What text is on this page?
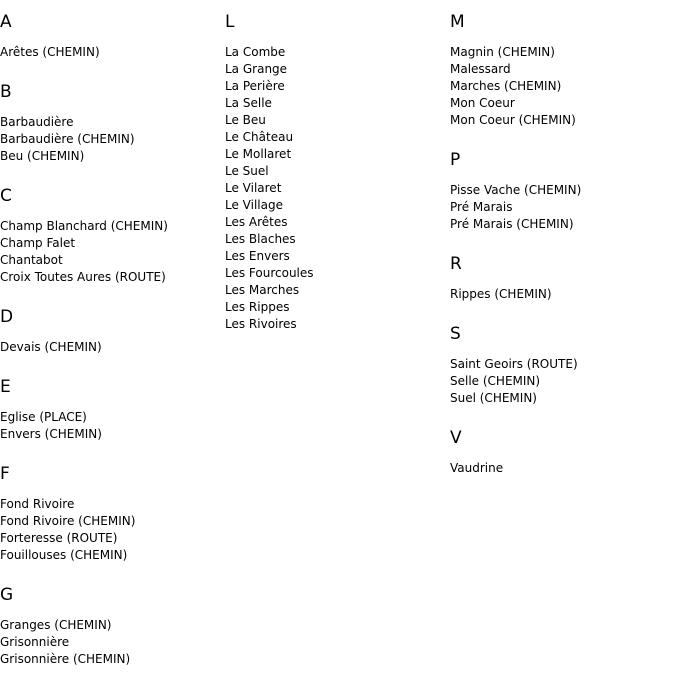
A
Arêtes (CHEMIN)
B
Barbaudière
Barbaudière (CHEMIN)
Beu (CHEMIN)
C
Champ Blanchard (CHEMIN)
Champ Falet
Chantabot
Croix Toutes Aures (ROUTE)
D
Devais (CHEMIN)
E
Eglise (PLACE)
Envers (CHEMIN)
F
Fond Rivoire
Fond Rivoire (CHEMIN)
Forteresse (ROUTE)
Fouillouses (CHEMIN)
G
Granges (CHEMIN)
Grisonnière
Grisonnière (CHEMIN)
L
La Combe
La Grange
La Perière
La Selle
Le Beu
Le Château
Le Mollaret
Le Suel
Le Vilaret
Le Village
Les Arêtes
Les Blaches
Les Envers
Les Fourcoules
Les Marches
Les Rippes
Les Rivoires
M
Magnin (CHEMIN)
Malessard
Marches (CHEMIN)
Mon Coeur
Mon Coeur (CHEMIN)
P
Pisse Vache (CHEMIN)
Pré Marais
Pré Marais (CHEMIN)
R
Rippes (CHEMIN)
S
Saint Geoirs (ROUTE)
Selle (CHEMIN)
Suel (CHEMIN)
V
Vaudrine
